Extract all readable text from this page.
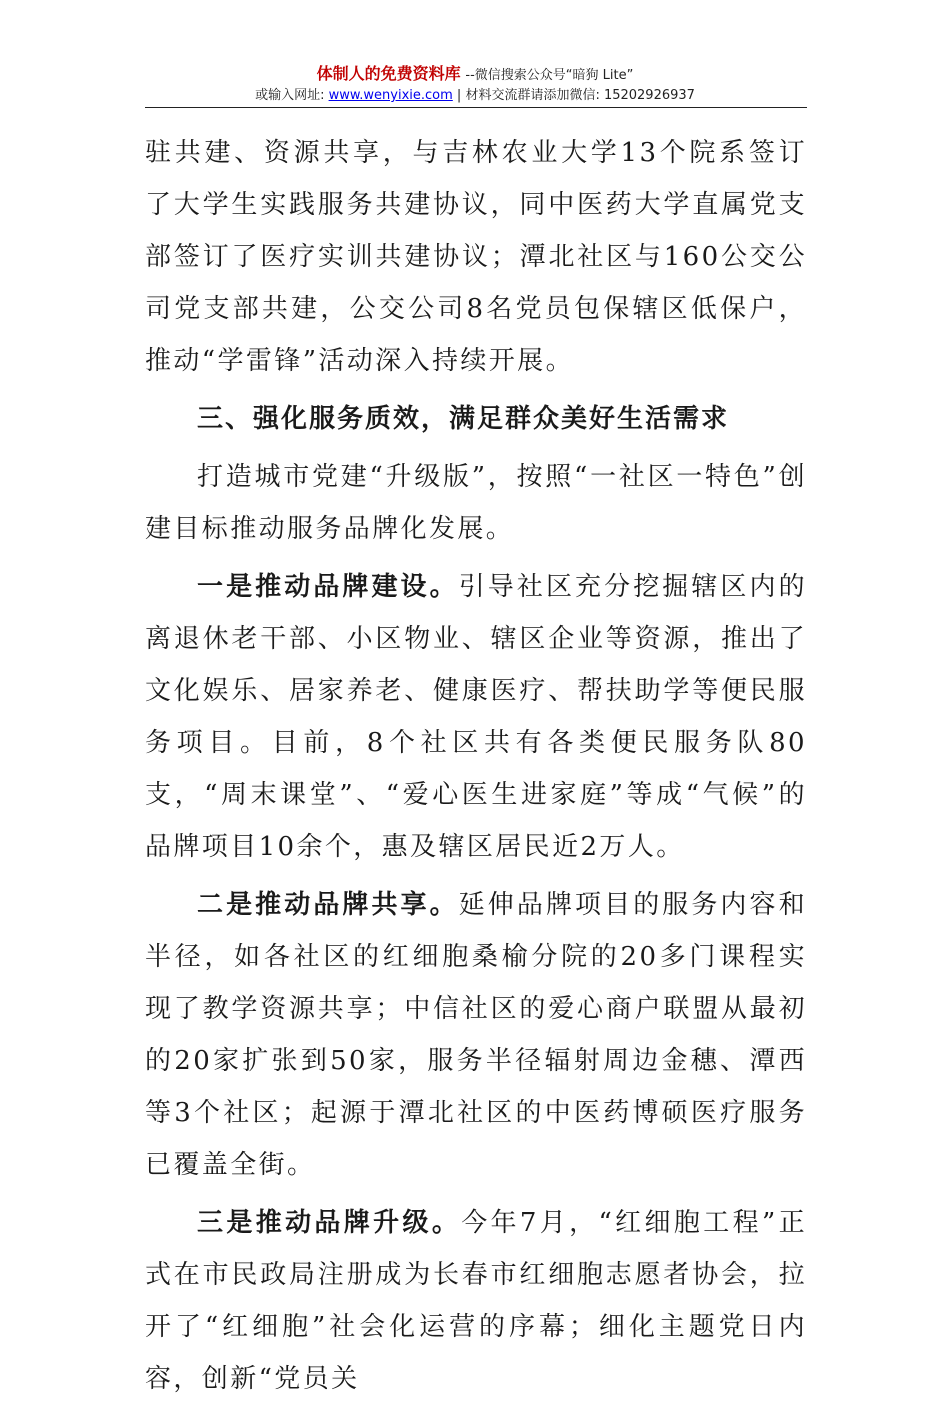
体制人的免费资料库 --微信搜索公众号“暗狗 Lite”
或输入网址: www.wenyixie.com | 材料交流群请添加微信: 15202926937

驻共建、资源共享，与吉林农业大学13个院系签订了大学生实践服务共建协议，同中医药大学直属党支部签订了医疗实训共建协议；潭北社区与160公交公司党支部共建，公交公司8名党员包保辖区低保户，推动“学雷锋”活动深入持续开展。

三、强化服务质效，满足群众美好生活需求

打造城市党建“升级版”，按照“一社区一特色”创建目标推动服务品牌化发展。

一是推动品牌建设。引导社区充分挖掘辖区内的离退休老干部、小区物业、辖区企业等资源，推出了文化娱乐、居家养老、健康医疗、帮扶助学等便民服务项目。目前，8个社区共有各类便民服务队80支，“周末课堂”、“爱心医生进家庭”等成“气候”的品牌项目10余个，惠及辖区居民近2万人。

二是推动品牌共享。延伸品牌项目的服务内容和半径，如各社区的红细胞桑榆分院的20多门课程实现了教学资源共享；中信社区的爱心商户联盟从最初的20家扩张到50家，服务半径辐射周边金穗、潭西等3个社区；起源于潭北社区的中医药博硕医疗服务已覆盖全街。

三是推动品牌升级。今年7月，“红细胞工程”正式在市民政局注册成为长春市红细胞志愿者协会，拉开了“红细胞”社会化运营的序幕；细化主题党日内容，创新“党员关
